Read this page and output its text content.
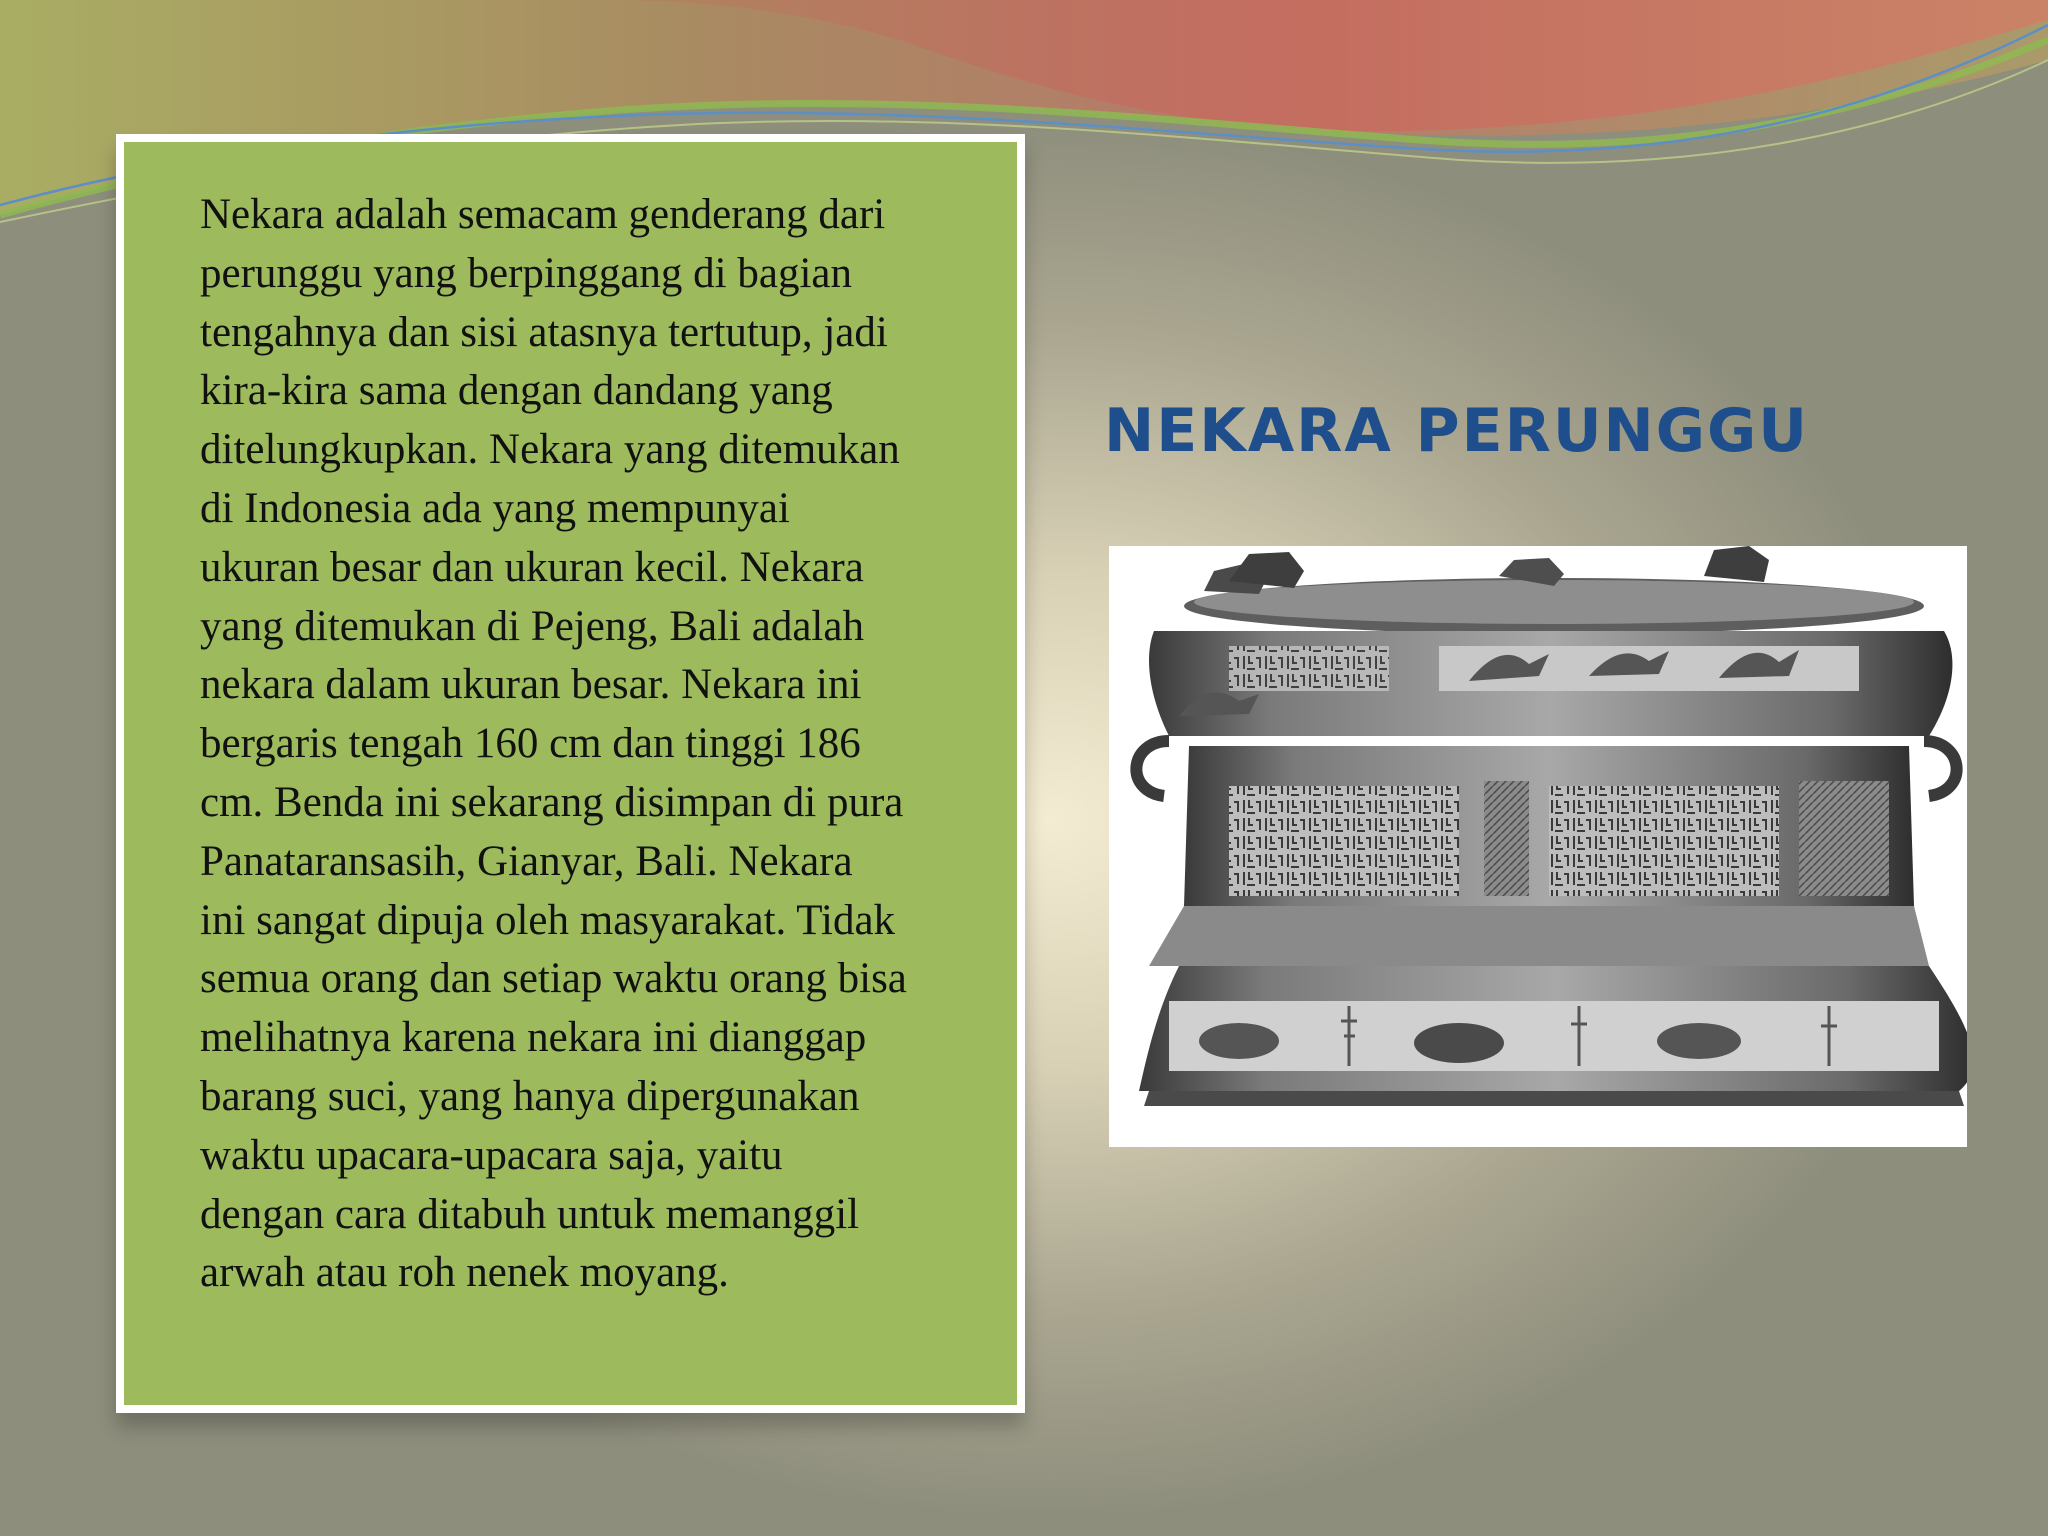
Nekara adalah semacam genderang dari
perunggu yang berpinggang di bagian
tengahnya dan sisi atasnya tertutup, jadi
kira-kira sama dengan dandang yang
ditelungkupkan. Nekara yang ditemukan
di Indonesia ada yang mempunyai
ukuran besar dan ukuran kecil. Nekara
yang ditemukan di Pejeng, Bali adalah
nekara dalam ukuran besar. Nekara ini
bergaris tengah 160 cm dan tinggi 186
cm. Benda ini sekarang disimpan di pura
Panataransasih, Gianyar, Bali. Nekara
ini sangat dipuja oleh masyarakat. Tidak
semua orang dan setiap waktu orang bisa
melihatnya karena nekara ini dianggap
barang suci, yang hanya dipergunakan
waktu upacara-upacara saja, yaitu
dengan cara ditabuh untuk memanggil
arwah atau roh nenek moyang.

NEKARA PERUNGGU
